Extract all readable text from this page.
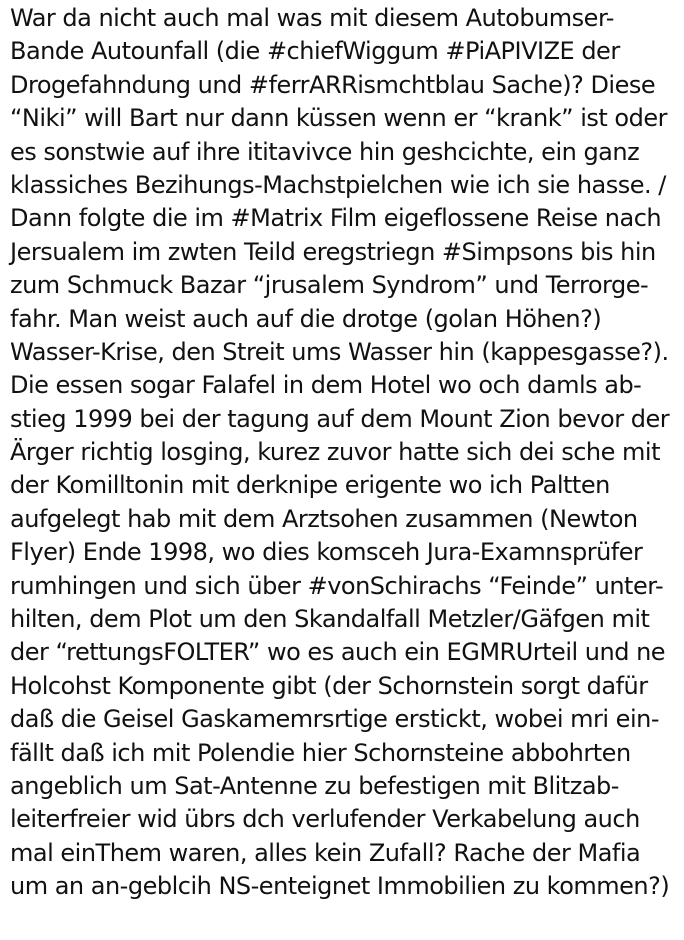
War da nicht auch mal was mit diesem Autobumser-
Bande Autounfall (die #chiefWiggum #PiAPIVIZE der
Drogefahndung und #ferrARRismchtblau Sache)? Diese
“Niki” will Bart nur dann küssen wenn er “krank” ist oder
es sonstwie auf ihre ititavivce hin geshcichte, ein ganz
klassiches Bezihungs-Machstpielchen wie ich sie hasse. /
Dann folgte die im #Matrix Film eigeflossene Reise nach
Jersualem im zwten Teild eregstriegn #Simpsons bis hin
zum Schmuck Bazar “jrusalem Syndrom” und Terrorge-
fahr. Man weist auch auf die drotge (golan Höhen?)
Wasser-Krise, den Streit ums Wasser hin (kappesgasse?).
Die essen sogar Falafel in dem Hotel wo och damls ab-
stieg 1999 bei der tagung auf dem Mount Zion bevor der
Ärger richtig losging, kurez zuvor hatte sich dei sche mit
der Komilltonin mit derknipe erigente wo ich Paltten
aufgelegt hab mit dem Arztsohen zusammen (Newton
Flyer) Ende 1998, wo dies komsceh Jura-Examnsprüfer
rumhingen und sich über #vonSchirachs “Feinde” unter-
hilten, dem Plot um den Skandalfall Metzler/Gäfgen mit
der “rettungsFOLTER” wo es auch ein EGMRUrteil und ne
Holcohst Komponente gibt (der Schornstein sorgt dafür
daß die Geisel Gaskamemrsrtige erstickt, wobei mri ein-
fällt daß ich mit Polendie hier Schornsteine abbohrten
angeblich um Sat-Antenne zu befestigen mit Blitzab-
leiterfreier wid übrs dch verlufender Verkabelung auch
mal einThem waren, alles kein Zufall? Rache der Mafia
um an an-geblcih NS-enteignet Immobilien zu kommen?)
